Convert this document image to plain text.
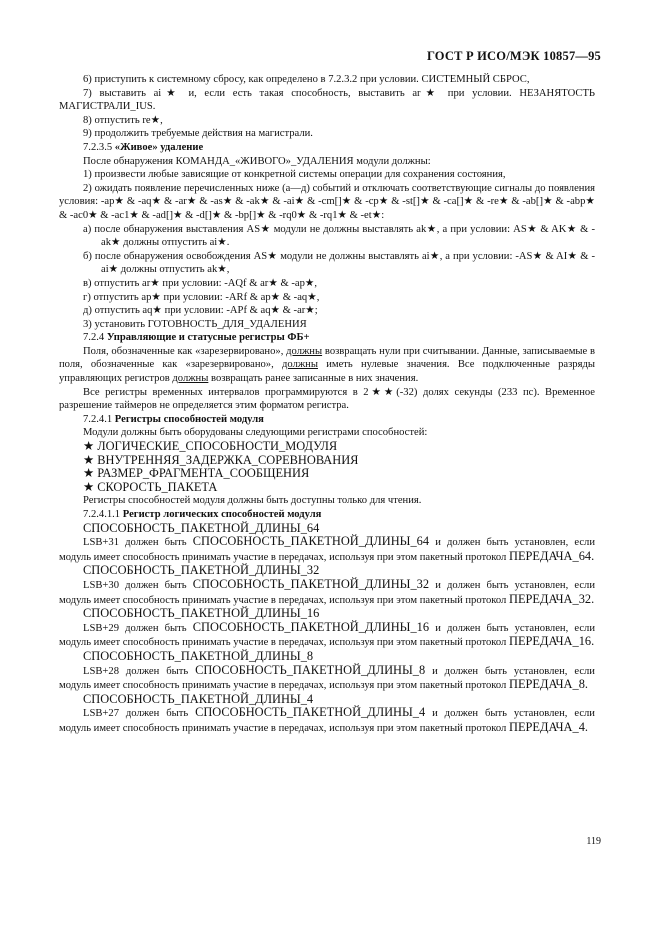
ГОСТ Р ИСО/МЭК 10857—95

6) приступить к системному сбросу, как определено в 7.2.3.2 при условии. СИСТЕМНЫЙ СБРОС,

7) выставить ai★ и, если есть такая способность, выставить ar★ при условии. НЕЗАНЯТОСТЬ МАГИСТРАЛИ_IUS.

8) отпустить re★,

9) продолжить требуемые действия на магистрали.

7.2.3.5 «Живое» удаление

После обнаружения КОМАНДА_«ЖИВОГО»_УДАЛЕНИЯ модули должны:

1) произвести любые зависящие от конкретной системы операции для сохранения состояния,

2) ожидать появление перечисленных ниже (а—д) событий и отключать соответствующие сигналы до появления условия: -ap★ & -aq★ & -ar★ & -as★ & -ak★ & -ai★ & -cm[]★ & -cp★ & -st[]★ & -ca[]★ & -re★ & -ab[]★ & -abp★ & -ac0★ & -ac1★ & -ad[]★ & -d[]★ & -bp[]★ & -rq0★ & -rq1★ & -et★:

а) после обнаружения выставления AS★ модули не должны выставлять ak★, а при условии: AS★ & AK★ & -ak★ должны отпустить ai★.

б) после обнаружения освобождения AS★ модули не должны выставлять ai★, а при условии: -AS★ & AI★ & -ai★ должны отпустить ak★,

в) отпустить ar★ при условии: -AQf & ar★ & -ap★,

г) отпустить ap★ при условии: -ARf & ap★ & -aq★,

д) отпустить aq★ при условии: -APf & aq★ & -ar★;

3) установить ГОТОВНОСТЬ_ДЛЯ_УДАЛЕНИЯ

7.2.4 Управляющие и статусные регистры ФБ+

Поля, обозначенные как «зарезервировано», должны возвращать нули при считывании. Данные, записываемые в поля, обозначенные как «зарезервировано», должны иметь нулевые значения. Все подключенные разряды управляющих регистров должны возвращать ранее записанные в них значения.

Все регистры временных интервалов программируются в 2★★(-32) долях секунды (233 пс). Временное разрешение таймеров не определяется этим форматом регистра.

7.2.4.1 Регистры способностей модуля

Модули должны быть оборудованы следующими регистрами способностей:

★ ЛОГИЧЕСКИЕ_СПОСОБНОСТИ_МОДУЛЯ

★ ВНУТРЕННЯЯ_ЗАДЕРЖКА_СОРЕВНОВАНИЯ

★ РАЗМЕР_ФРАГМЕНТА_СООБЩЕНИЯ

★ СКОРОСТЬ_ПАКЕТА

Регистры способностей модуля должны быть доступны только для чтения.

7.2.4.1.1 Регистр логических способностей модуля

СПОСОБНОСТЬ_ПАКЕТНОЙ_ДЛИНЫ_64

LSB+31 должен быть СПОСОБНОСТЬ_ПАКЕТНОЙ_ДЛИНЫ_64 и должен быть установлен, если модуль имеет способность принимать участие в передачах, используя при этом пакетный протокол ПЕРЕДАЧА_64.

СПОСОБНОСТЬ_ПАКЕТНОЙ_ДЛИНЫ_32

LSB+30 должен быть СПОСОБНОСТЬ_ПАКЕТНОЙ_ДЛИНЫ_32 и должен быть установлен, если модуль имеет способность принимать участие в передачах, используя при этом пакетный протокол ПЕРЕДАЧА_32.

СПОСОБНОСТЬ_ПАКЕТНОЙ_ДЛИНЫ_16

LSB+29 должен быть СПОСОБНОСТЬ_ПАКЕТНОЙ_ДЛИНЫ_16 и должен быть установлен, если модуль имеет способность принимать участие в передачах, используя при этом пакетный протокол ПЕРЕДАЧА_16.

СПОСОБНОСТЬ_ПАКЕТНОЙ_ДЛИНЫ_8

LSB+28 должен быть СПОСОБНОСТЬ_ПАКЕТНОЙ_ДЛИНЫ_8 и должен быть установлен, если модуль имеет способность принимать участие в передачах, используя при этом пакетный протокол ПЕРЕДАЧА_8.

СПОСОБНОСТЬ_ПАКЕТНОЙ_ДЛИНЫ_4

LSB+27 должен быть СПОСОБНОСТЬ_ПАКЕТНОЙ_ДЛИНЫ_4 и должен быть установлен, если модуль имеет способность принимать участие в передачах, используя при этом пакетный протокол ПЕРЕДАЧА_4.

119
